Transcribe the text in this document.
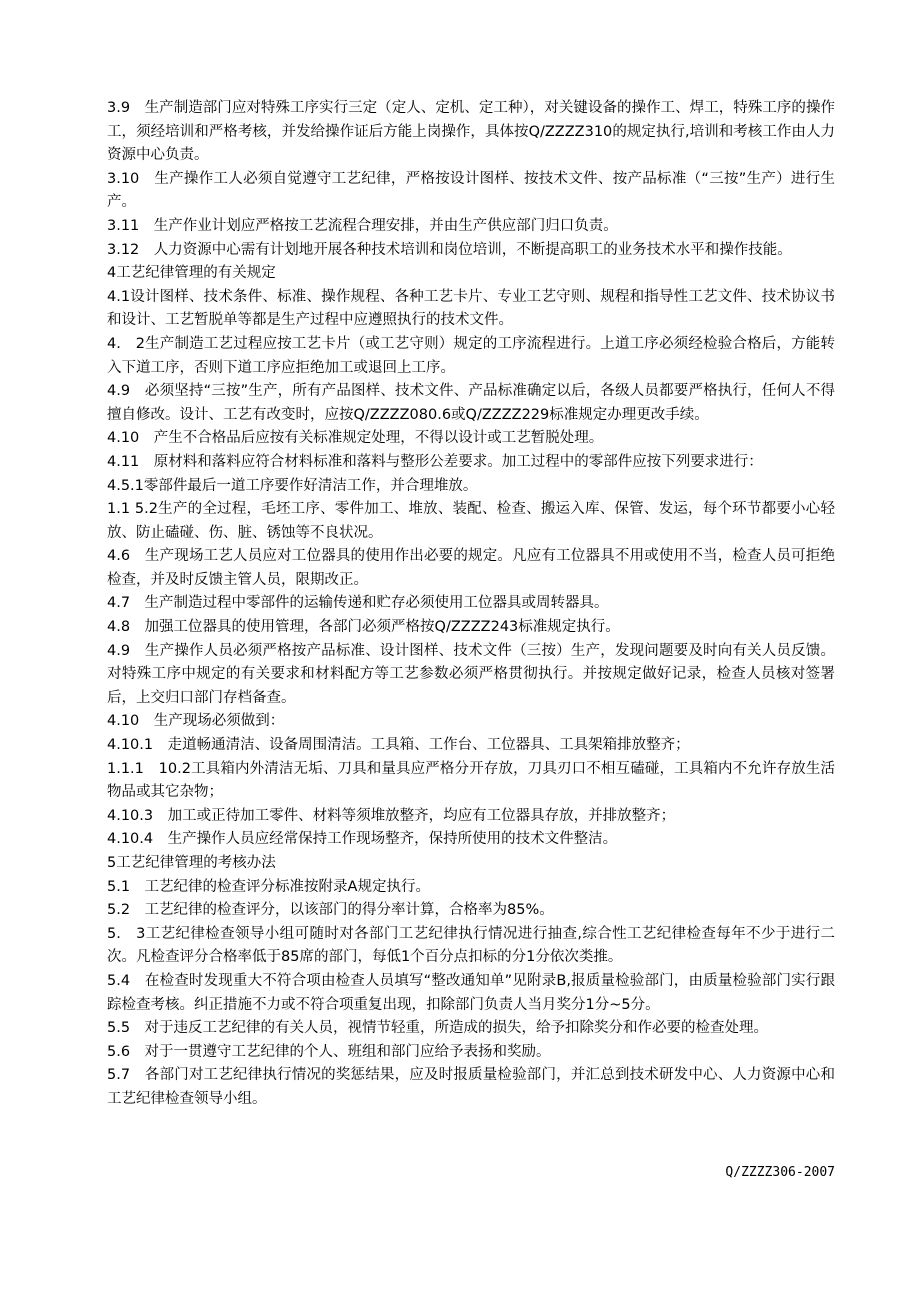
3.9　生产制造部门应对特殊工序实行三定（定人、定机、定工种），对关键设备的操作工、焊工，特殊工序的操作工，须经培训和严格考核，并发给操作证后方能上岗操作，具体按Q/ZZZZ310的规定执行,培训和考核工作由人力资源中心负责。

3.10　生产操作工人必须自觉遵守工艺纪律，严格按设计图样、按技术文件、按产品标准（“三按”生产）进行生产。

3.11　生产作业计划应严格按工艺流程合理安排，并由生产供应部门归口负责。

3.12　人力资源中心需有计划地开展各种技术培训和岗位培训，不断提高职工的业务技术水平和操作技能。

4工艺纪律管理的有关规定

4.1设计图样、技术条件、标准、操作规程、各种工艺卡片、专业工艺守则、规程和指导性工艺文件、技术协议书和设计、工艺暂脱单等都是生产过程中应遵照执行的技术文件。

4.　2生产制造工艺过程应按工艺卡片（或工艺守则）规定的工序流程进行。上道工序必须经检验合格后，方能转入下道工序，否则下道工序应拒绝加工或退回上工序。

4.9　必须坚持“三按”生产，所有产品图样、技术文件、产品标准确定以后，各级人员都要严格执行，任何人不得擅自修改。设计、工艺有改变时，应按Q/ZZZZ080.6或Q/ZZZZ229标准规定办理更改手续。

4.10　产生不合格品后应按有关标准规定处理，不得以设计或工艺暂脱处理。

4.11　原材料和落料应符合材料标准和落料与整形公差要求。加工过程中的零部件应按下列要求进行：

4.5.1零部件最后一道工序要作好清洁工作，并合理堆放。

1.1 5.2生产的全过程，毛坯工序、零件加工、堆放、装配、检查、搬运入库、保管、发运，每个环节都要小心轻放、防止磕碰、伤、脏、锈蚀等不良状况。

4.6　生产现场工艺人员应对工位器具的使用作出必要的规定。凡应有工位器具不用或使用不当，检查人员可拒绝检查，并及时反馈主管人员，限期改正。

4.7　生产制造过程中零部件的运输传递和贮存必须使用工位器具或周转器具。

4.8　加强工位器具的使用管理，各部门必须严格按Q/ZZZZ243标准规定执行。

4.9　生产操作人员必须严格按产品标准、设计图样、技术文件（三按）生产，发现问题要及时向有关人员反馈。对特殊工序中规定的有关要求和材料配方等工艺参数必须严格贯彻执行。并按规定做好记录，检查人员核对签署后，上交归口部门存档备查。

4.10　生产现场必须做到：

4.10.1　走道畅通清洁、设备周围清洁。工具箱、工作台、工位器具、工具架箱排放整齐；

1.1.1　10.2工具箱内外清洁无垢、刀具和量具应严格分开存放，刀具刃口不相互磕碰，工具箱内不允许存放生活物品或其它杂物；

4.10.3　加工或正待加工零件、材料等须堆放整齐，均应有工位器具存放，并排放整齐；

4.10.4　生产操作人员应经常保持工作现场整齐，保持所使用的技术文件整洁。

5工艺纪律管理的考核办法

5.1　工艺纪律的检查评分标准按附录A规定执行。

5.2　工艺纪律的检查评分，以该部门的得分率计算，合格率为85%。

5.　3工艺纪律检查领导小组可随时对各部门工艺纪律执行情况进行抽查,综合性工艺纪律检查每年不少于进行二次。凡检查评分合格率低于85席的部门，每低1个百分点扣标的分1分依次类推。

5.4　在检查时发现重大不符合项由检查人员填写“整改通知单”见附录B,报质量检验部门，由质量检验部门实行跟踪检查考核。纠正措施不力或不符合项重复出现，扣除部门负责人当月奖分1分~5分。

5.5　对于违反工艺纪律的有关人员，视情节轻重，所造成的损失，给予扣除奖分和作必要的检查处理。

5.6　对于一贯遵守工艺纪律的个人、班组和部门应给予表扬和奖励。

5.7　各部门对工艺纪律执行情况的奖惩结果，应及时报质量检验部门，并汇总到技术研发中心、人力资源中心和工艺纪律检查领导小组。

Q/ZZZZ306-2007
